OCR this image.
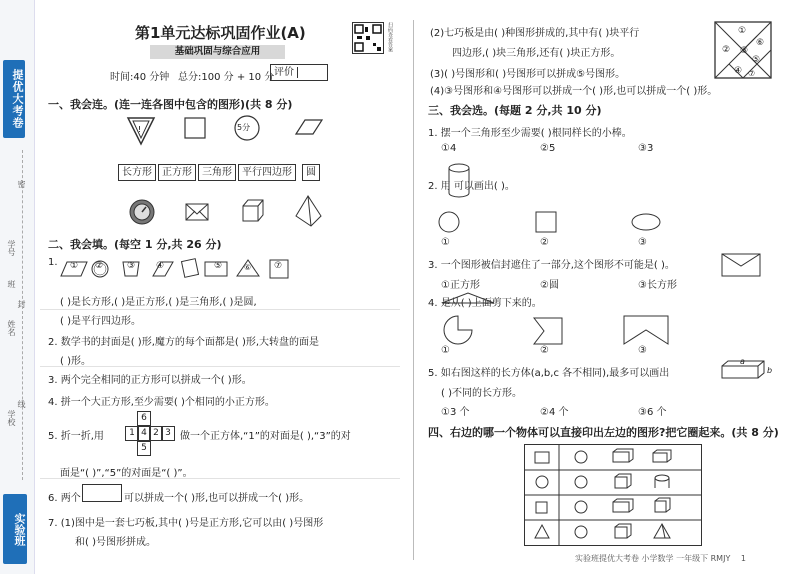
提优大考卷
学号
班
姓名
学校
密
封
线
实验班
第1单元达标巩固作业(A)
基础巩固与综合应用
时间:40 分钟 总分:100 分 + 10 分 评价
扫码查看答案
一、我会连。(连一连各图中包含的图形)(共 8 分)
!	5分
长方形	正方形	三角形	平行四边形	圆
二、我会填。(每空 1 分,共 26 分)
1. ① ②	③ ④	⑤	⑥	⑦
( )是长方形,( )是正方形,( )是三角形,( )是圆,
( )是平行四边形。
2. 数学书的封面是( )形,魔方的每个面都是( )形,大转盘的面是
( )形。
3. 两个完全相同的正方形可以拼成一个( )形。
4. 拼一个大正方形,至少需要( )个相同的小正方形。
5. 折一折,用
6
1 4 2 3
5
做一个正方体,“1”的对面是( ),“3”的对
面是“( )”,“5”的对面是“( )”。
6. 两个	可以拼成一个( )形,也可以拼成一个( )形。
7. (1)图中是一套七巧板,其中( )号是正方形,它可以由( )号图形
和( )号图形拼成。
(2)七巧板是由( )种图形拼成的,其中有( )块平行
四边形,( )块三角形,还有( )块正方形。
(3)( )号图形和( )号图形可以拼成⑤号图形。
(4)③号图形和④号图形可以拼成一个( )形,也可以拼成一个( )形。
①
② ③
④
⑤
⑥
⑦
三、我会选。(每题 2 分,共 10 分)
1. 摆一个三角形至少需要( )根同样长的小棒。
①4	②5	③3
2. 用 可以画出( )。
①	②	③
3. 一个图形被信封遮住了一部分,这个图形不可能是( )。
①正方形	②圆	③长方形
4. 是从( )上面剪下来的。
①	②	③
5. 如右图这样的长方体(a,b,c 各不相同),最多可以画出
( )不同的长方形。
a
b
①3 个	②4 个	③6 个
四、右边的哪一个物体可以直接印出左边的图形?把它圈起来。(共 8 分)
实验班提优大考卷 小学数学 一年级下 RMJY 1
